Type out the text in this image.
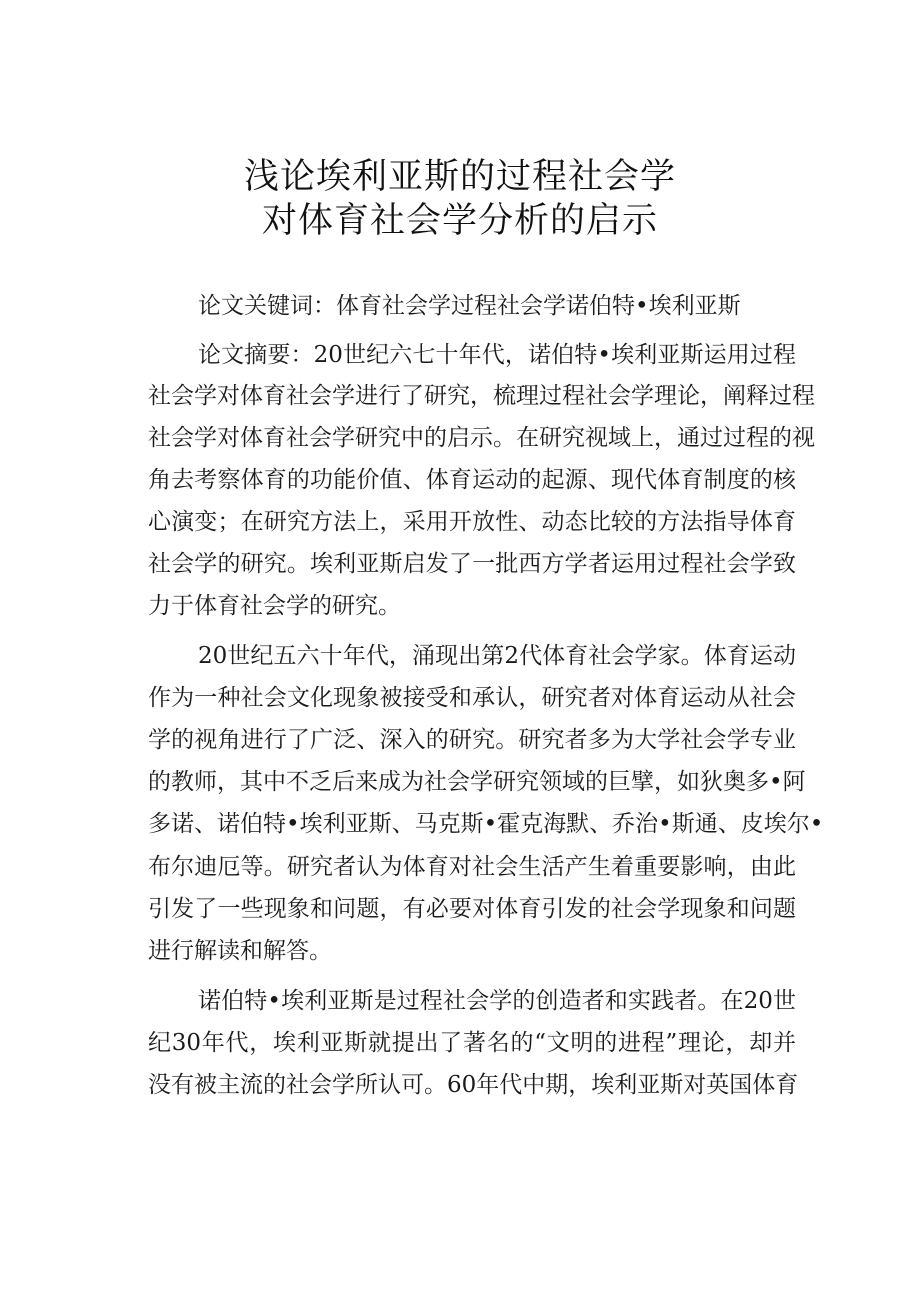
浅论埃利亚斯的过程社会学
对体育社会学分析的启示
论文关键词：体育社会学过程社会学诺伯特•埃利亚斯
论文摘要：20世纪六七十年代，诺伯特•埃利亚斯运用过程
社会学对体育社会学进行了研究，梳理过程社会学理论，阐释过程
社会学对体育社会学研究中的启示。在研究视域上，通过过程的视
角去考察体育的功能价值、体育运动的起源、现代体育制度的核
心演变；在研究方法上，采用开放性、动态比较的方法指导体育
社会学的研究。埃利亚斯启发了一批西方学者运用过程社会学致
力于体育社会学的研究。
20世纪五六十年代，涌现出第2代体育社会学家。体育运动
作为一种社会文化现象被接受和承认，研究者对体育运动从社会
学的视角进行了广泛、深入的研究。研究者多为大学社会学专业
的教师，其中不乏后来成为社会学研究领域的巨擘，如狄奥多•阿
多诺、诺伯特•埃利亚斯、马克斯•霍克海默、乔治•斯通、皮埃尔•
布尔迪厄等。研究者认为体育对社会生活产生着重要影响，由此
引发了一些现象和问题，有必要对体育引发的社会学现象和问题
进行解读和解答。
诺伯特•埃利亚斯是过程社会学的创造者和实践者。在20世
纪30年代，埃利亚斯就提出了著名的“文明的进程”理论，却并
没有被主流的社会学所认可。60年代中期，埃利亚斯对英国体育
